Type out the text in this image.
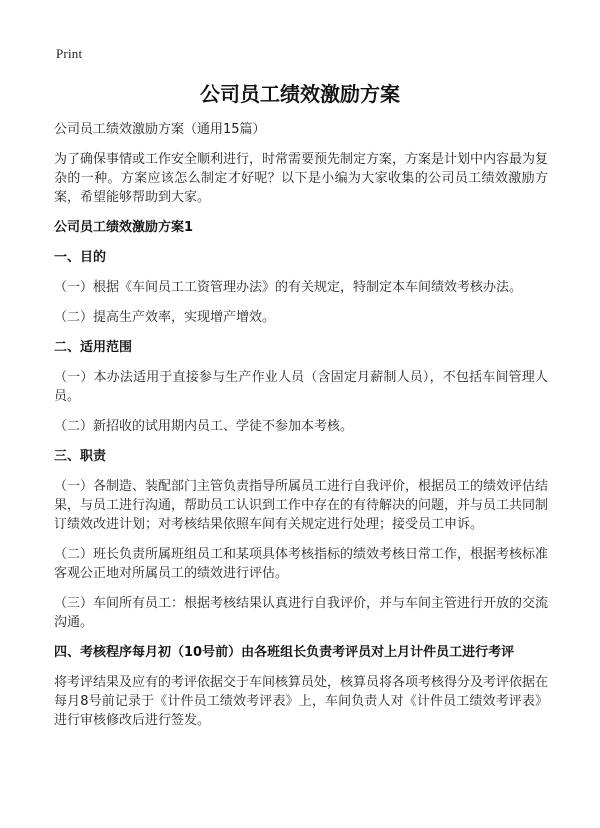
Print
公司员工绩效激励方案

公司员工绩效激励方案（通用15篇）

为了确保事情或工作安全顺利进行，时常需要预先制定方案，方案是计划中内容最为复杂的一种。方案应该怎么制定才好呢？以下是小编为大家收集的公司员工绩效激励方案，希望能够帮助到大家。

公司员工绩效激励方案1
一、目的

（一）根据《车间员工工资管理办法》的有关规定，特制定本车间绩效考核办法。

（二）提高生产效率，实现增产增效。

二、适用范围

（一）本办法适用于直接参与生产作业人员（含固定月薪制人员），不包括车间管理人员。

（二）新招收的试用期内员工、学徒不参加本考核。

三、职责

（一）各制造、装配部门主管负责指导所属员工进行自我评价，根据员工的绩效评估结果，与员工进行沟通，帮助员工认识到工作中存在的有待解决的问题，并与员工共同制订绩效改进计划；对考核结果依照车间有关规定进行处理；接受员工申诉。

（二）班长负责所属班组员工和某项具体考核指标的绩效考核日常工作，根据考核标准客观公正地对所属员工的绩效进行评估。

（三）车间所有员工：根据考核结果认真进行自我评价，并与车间主管进行开放的交流沟通。

四、考核程序每月初（10号前）由各班组长负责考评员对上月计件员工进行考评

将考评结果及应有的考评依据交于车间核算员处，核算员将各项考核得分及考评依据在每月8号前记录于《计件员工绩效考评表》上，车间负责人对《计件员工绩效考评表》进行审核修改后进行签发。
